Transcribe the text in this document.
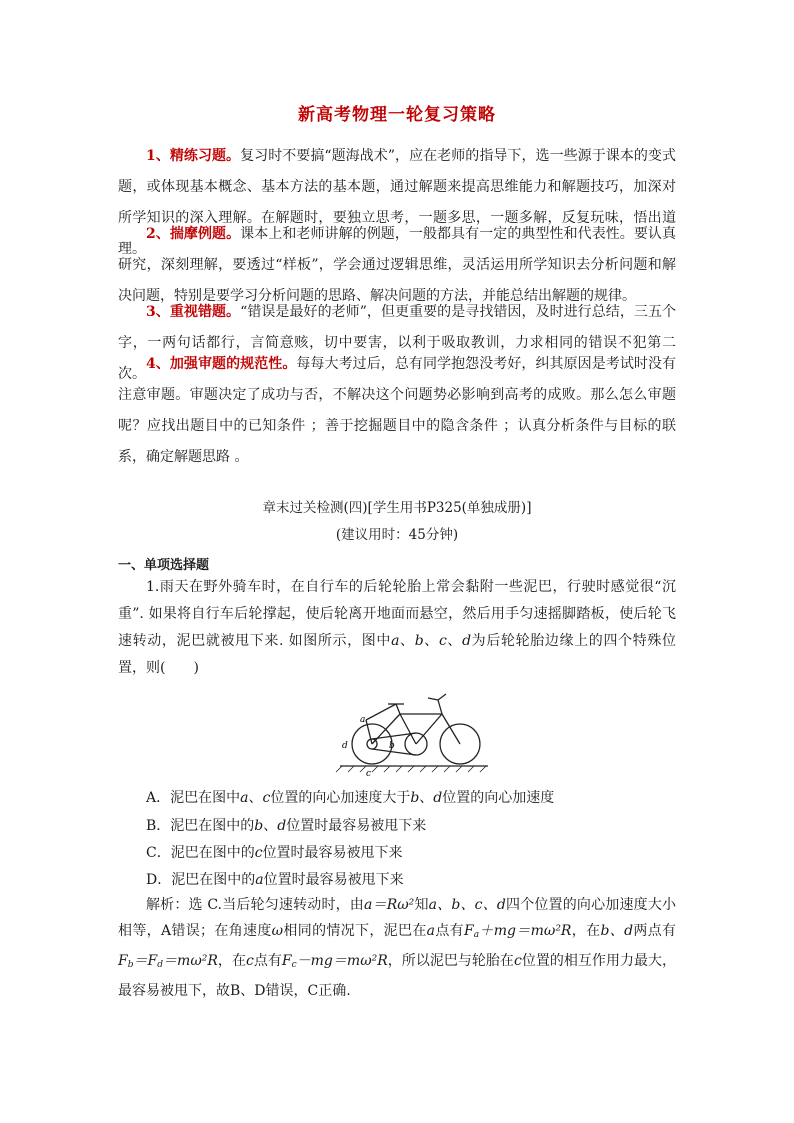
新高考物理一轮复习策略

1、精练习题。复习时不要搞“题海战术”，应在老师的指导下，选一些源于课本的变式题，或体现基本概念、基本方法的基本题，通过解题来提高思维能力和解题技巧，加深对所学知识的深入理解。在解题时，要独立思考，一题多思，一题多解，反复玩味，悟出道理。

2、揣摩例题。课本上和老师讲解的例题，一般都具有一定的典型性和代表性。要认真研究，深刻理解，要透过“样板”，学会通过逻辑思维，灵活运用所学知识去分析问题和解决问题，特别是要学习分析问题的思路、解决问题的方法，并能总结出解题的规律。

3、重视错题。“错误是最好的老师”，但更重要的是寻找错因，及时进行总结，三五个字，一两句话都行，言简意赅，切中要害，以利于吸取教训，力求相同的错误不犯第二次。

4、加强审题的规范性。每每大考过后，总有同学抱怨没考好，纠其原因是考试时没有注意审题。审题决定了成功与否，不解决这个问题势必影响到高考的成败。那么怎么审题呢？应找出题目中的已知条件 ；善于挖掘题目中的隐含条件 ；认真分析条件与目标的联系，确定解题思路 。

章末过关检测(四)[学生用书P325(单独成册)]
(建议用时：45分钟)
一、单项选择题

1.雨天在野外骑车时，在自行车的后轮轮胎上常会黏附一些泥巴，行驶时感觉很“沉重”. 如果将自行车后轮撑起，使后轮离开地面而悬空，然后用手匀速摇脚踏板，使后轮飞速转动，泥巴就被甩下来. 如图所示，图中a、b、c、d为后轮轮胎边缘上的四个特殊位置，则(　　)

a
b
c
d
A．泥巴在图中a、c位置的向心加速度大于b、d位置的向心加速度
B．泥巴在图中的b、d位置时最容易被甩下来
C．泥巴在图中的c位置时最容易被甩下来
D．泥巴在图中的a位置时最容易被甩下来

解析：选 C.当后轮匀速转动时，由a＝Rω²知a、b、c、d四个位置的向心加速度大小相等，A错误；在角速度ω相同的情况下，泥巴在a点有$F_a+mg=m\omega^2R$，在b、d两点有$F_b=F_d=m\omega^2R$，在c点有$F_c-mg=m\omega^2R$，所以泥巴与轮胎在c位置的相互作用力最大，最容易被甩下，故B、D错误，C正确.
